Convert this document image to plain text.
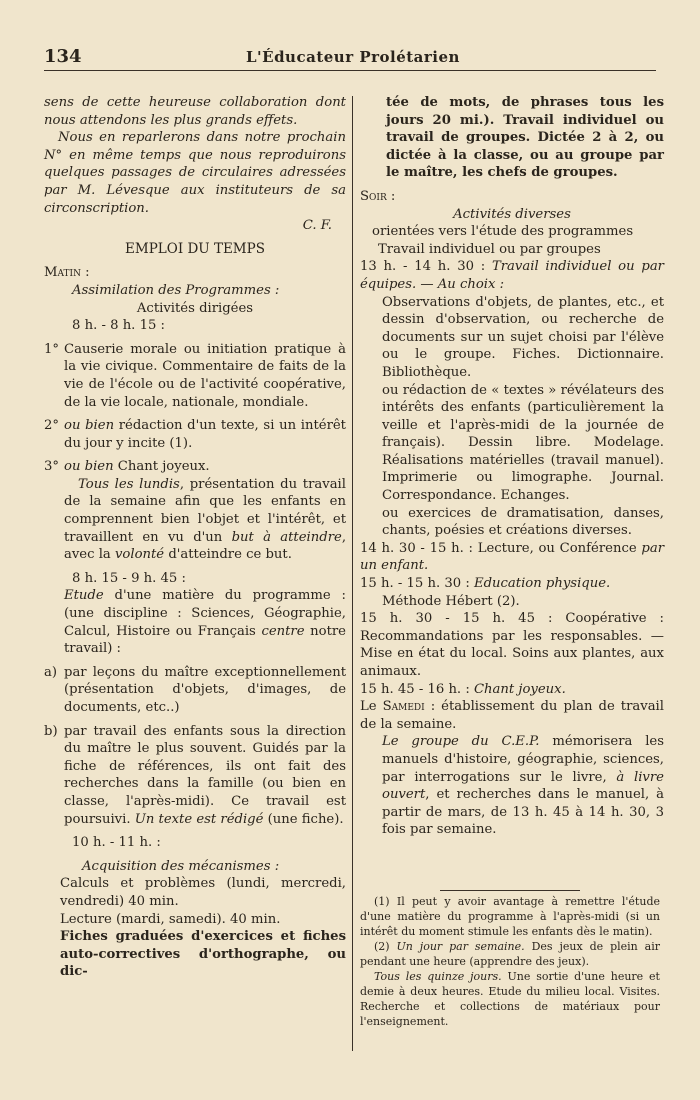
134	L'Éducateur Prolétarien

sens de cette heureuse collaboration dont nous attendons les plus grands effets.

Nous en reparlerons dans notre prochain N° en même temps que nous reproduirons quelques passages de circulaires adressées par M. Lévesque aux instituteurs de sa circonscription.

C. F.

EMPLOI DU TEMPS

Matin :

Assimilation des Programmes :

Activités dirigées

8 h. - 8 h. 15 :

1° Causerie morale ou initiation pratique à la vie civique. Commentaire de faits de la vie de l'école ou de l'activité coopérative, de la vie locale, nationale, mondiale.
2° ou bien rédaction d'un texte, si un intérêt du jour y incite (1).
3° ou bien Chant joyeux.

Tous les lundis, présentation du travail de la semaine afin que les enfants en comprennent bien l'objet et l'intérêt, et travaillent en vu d'un but à atteindre, avec la volonté d'atteindre ce but.

8 h. 15 - 9 h. 45 :

Etude d'une matière du programme : (une discipline : Sciences, Géographie, Calcul, Histoire ou Français centre notre travail) :

a) par leçons du maître exceptionnellement (présentation d'objets, d'images, de documents, etc..)
b) par travail des enfants sous la direction du maître le plus souvent. Guidés par la fiche de références, ils ont fait des recherches dans la famille (ou bien en classe, l'après-midi). Ce travail est poursuivi. Un texte est rédigé (une fiche).

10 h. - 11 h. :

Acquisition des mécanismes :

Calculs et problèmes (lundi, mercredi, vendredi) 40 min.

Lecture (mardi, samedi). 40 min.

Fiches graduées d'exercices et fiches auto-correctives d'orthographe, ou dic-

tée de mots, de phrases tous les jours 20 mi.). Travail individuel ou travail de groupes. Dictée 2 à 2, ou dictée à la classe, ou au groupe par le maître, les chefs de groupes.

Soir :

Activités diverses

orientées vers l'étude des programmes

Travail individuel ou par groupes

13 h. - 14 h. 30 : Travail individuel ou par équipes. — Au choix :

Observations d'objets, de plantes, etc., et dessin d'observation, ou recherche de documents sur un sujet choisi par l'élève ou le groupe. Fiches. Dictionnaire. Bibliothèque.

ou rédaction de « textes » révélateurs des intérêts des enfants (particulièrement la veille et l'après-midi de la journée de français). Dessin libre. Modelage. Réalisations matérielles (travail manuel). Imprimerie ou limographe. Journal. Correspondance. Echanges.

ou exercices de dramatisation, danses, chants, poésies et créations diverses.

14 h. 30 - 15 h. : Lecture, ou Conférence par un enfant.

15 h. - 15 h. 30 : Education physique.

Méthode Hébert (2).

15 h. 30 - 15 h. 45 : Coopérative : Recommandations par les responsables. — Mise en état du local. Soins aux plantes, aux animaux.

15 h. 45 - 16 h. : Chant joyeux.

Le Samedi : établissement du plan de travail de la semaine.

Le groupe du C.E.P. mémorisera les manuels d'histoire, géographie, sciences, par interrogations sur le livre, à livre ouvert, et recherches dans le manuel, à partir de mars, de 13 h. 45 à 14 h. 30, 3 fois par semaine.

(1) Il peut y avoir avantage à remettre l'étude d'une matière du programme à l'après-midi (si un intérêt du moment stimule les enfants dès le matin).

(2) Un jour par semaine. Des jeux de plein air pendant une heure (apprendre des jeux).

Tous les quinze jours. Une sortie d'une heure et demie à deux heures. Etude du milieu local. Visites. Recherche et collections de matériaux pour l'enseignement.
